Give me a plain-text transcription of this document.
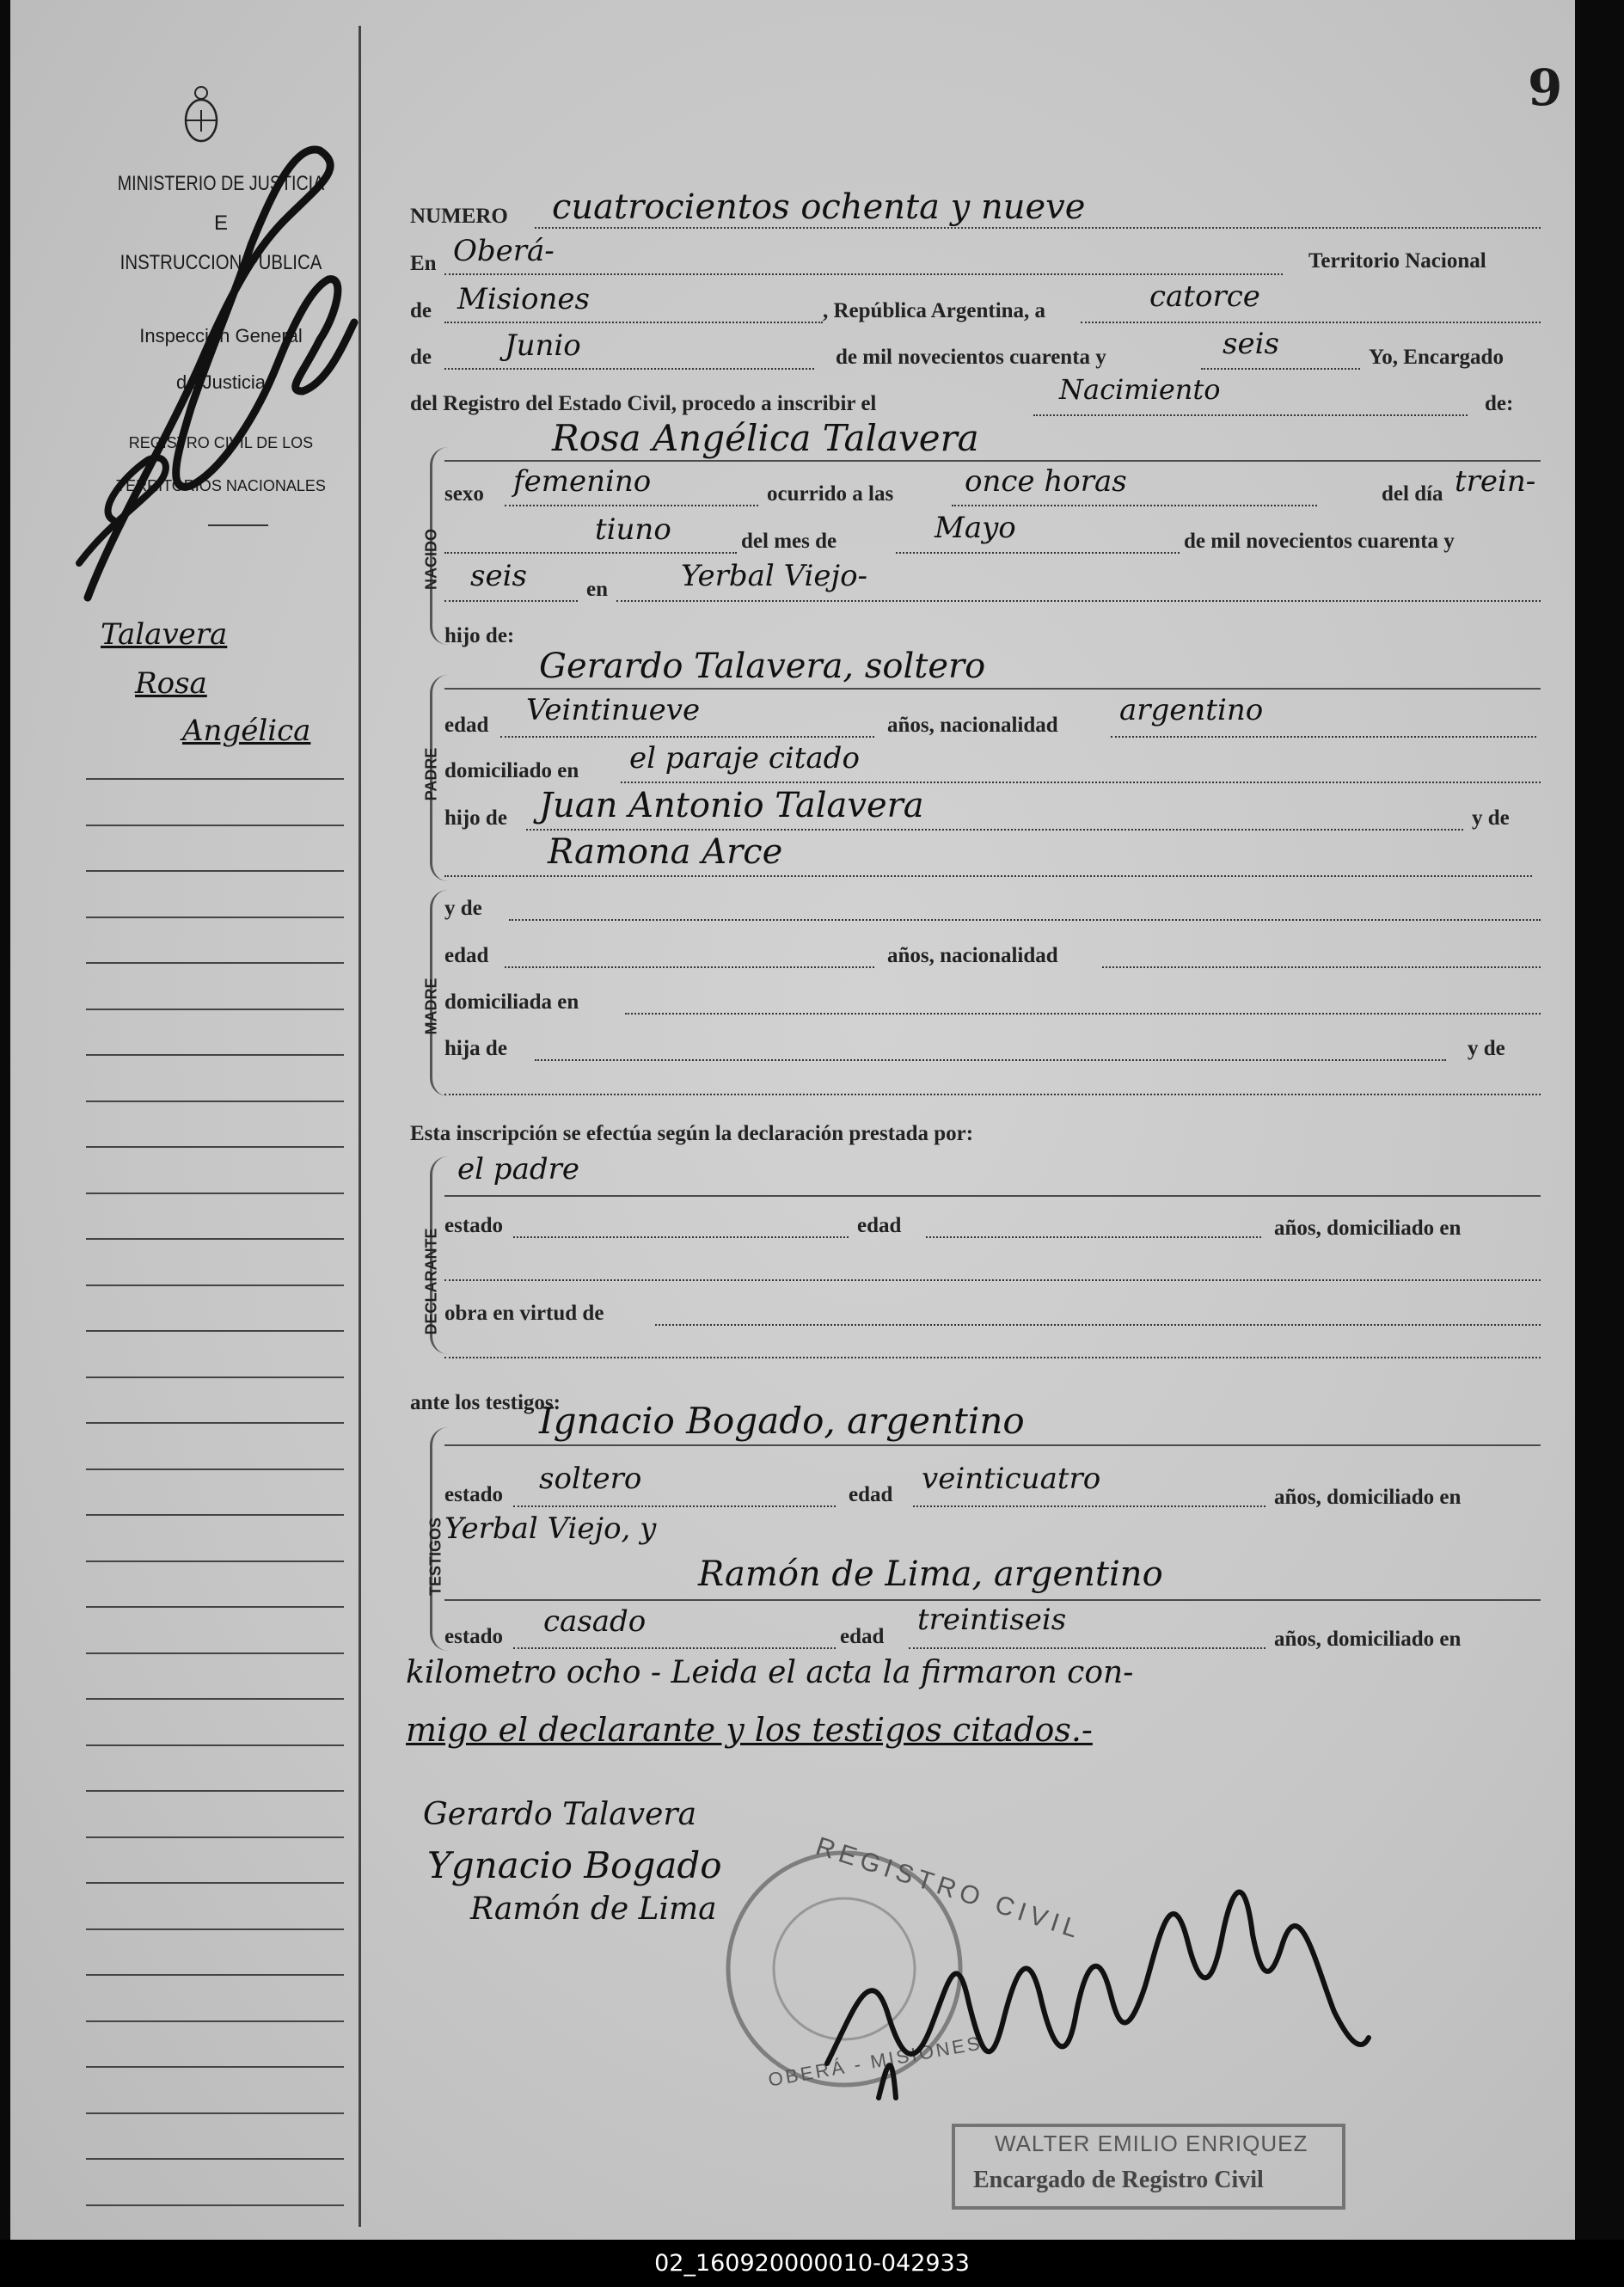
9
MINISTERIO DE JUSTICIA
E
INSTRUCCION PUBLICA
Inspección General
de Justicia
REGISTRO CIVIL DE LOS
TERRITORIOS NACIONALES
Talavera
Rosa
Angélica
NUMERO cuatrocientos ochenta y nueve
En Oberá-	Territorio Nacional
de Misiones	, República Argentina, a	catorce
de	Junio	de mil novecientos cuarenta y	seis	Yo, Encargado
del Registro del Estado Civil, procedo a inscribir el	Nacimiento	de:
NACIDO
Rosa Angélica Talavera
sexo femenino	ocurrido a las once horas	del día trein-
tiuno	del mes de	Mayo	de mil novecientos cuarenta y
seis	en	Yerbal Viejo-
hijo de:
PADRE
Gerardo Talavera, soltero
edad Veintinueve	años, nacionalidad argentino
domiciliado en el paraje citado
hijo de Juan Antonio Talavera	y de
Ramona Arce
MADRE
y de
edad	años, nacionalidad
domiciliada en
hija de	y de
Esta inscripción se efectúa según la declaración prestada por:
DECLARANTE
el padre
estado	edad	años, domiciliado en
obra en virtud de
ante los testigos:
TESTIGOS
Ignacio Bogado, argentino
estado soltero	edad veinticuatro
años, domiciliado en
Yerbal Viejo, y
Ramón de Lima, argentino
estado casado	edad treintiseis
años, domiciliado en
kilometro ocho - Leida el acta la firmaron con-
migo el declarante y los testigos citados.-
Gerardo Talavera
Ygnacio Bogado
Ramón de Lima	REGISTRO CIVIL
OBERÁ - MISIONES
WALTER EMILIO ENRIQUEZ
Encargado de Registro Civil
02_160920000010-042933
